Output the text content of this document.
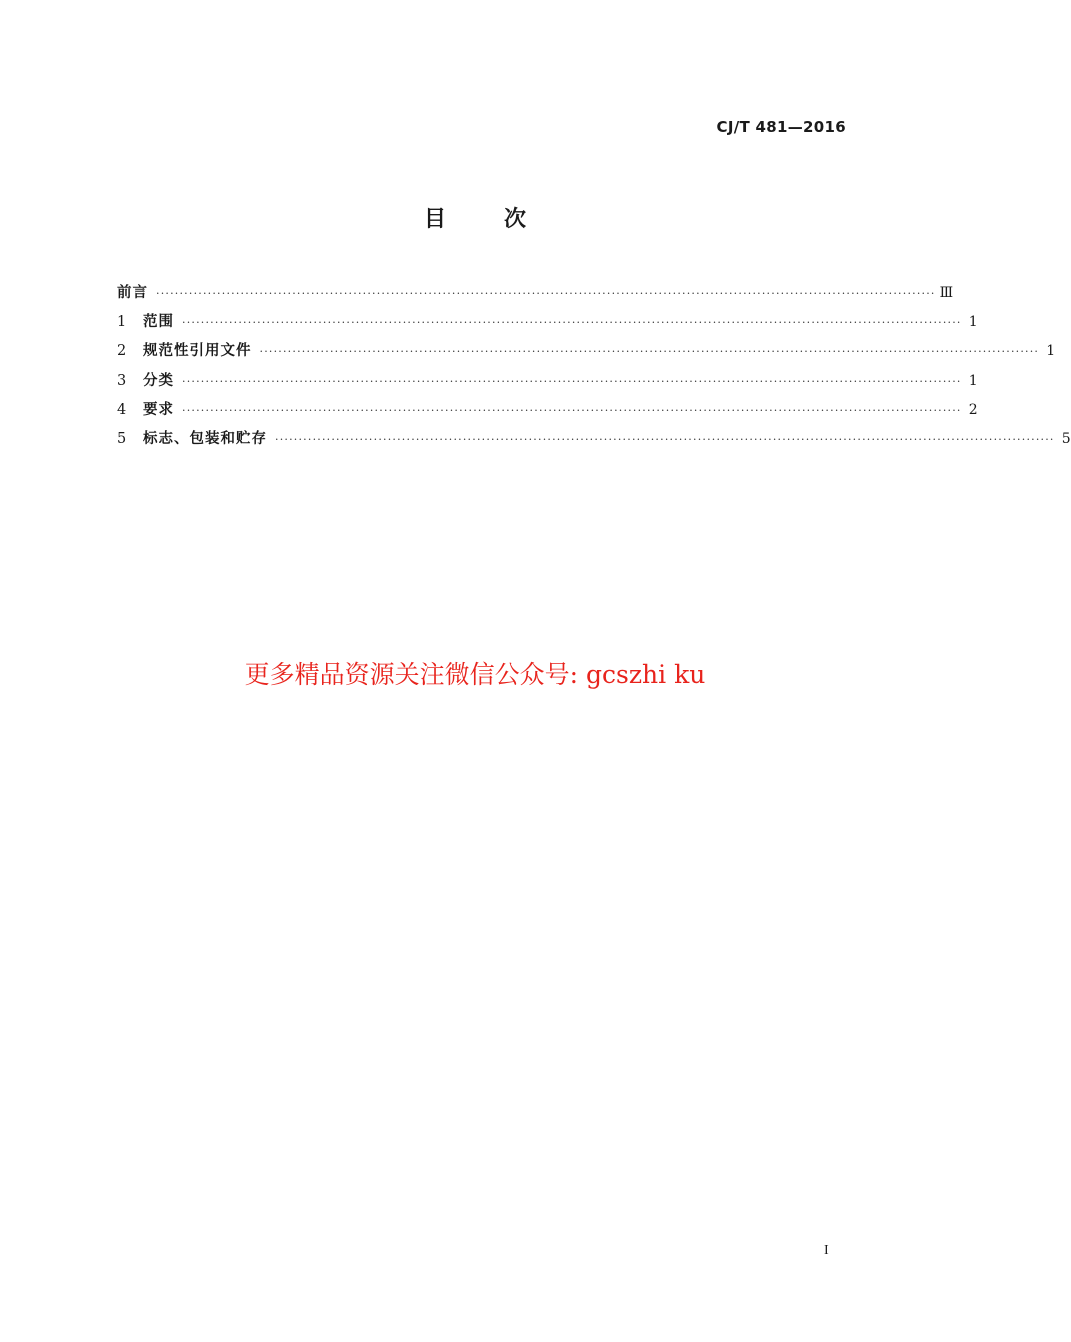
CJ/T 481—2016
目次
前言 ······································································································································································ Ⅲ
1	范围 ······································································································································································ 1
2	规范性引用文件 ······································································································································································ 1
3	分类 ······································································································································································ 1
4	要求 ······································································································································································ 2
5	标志、包装和贮存 ······································································································································································ 5
更多精品资源关注微信公众号: gcszhi ku
I
